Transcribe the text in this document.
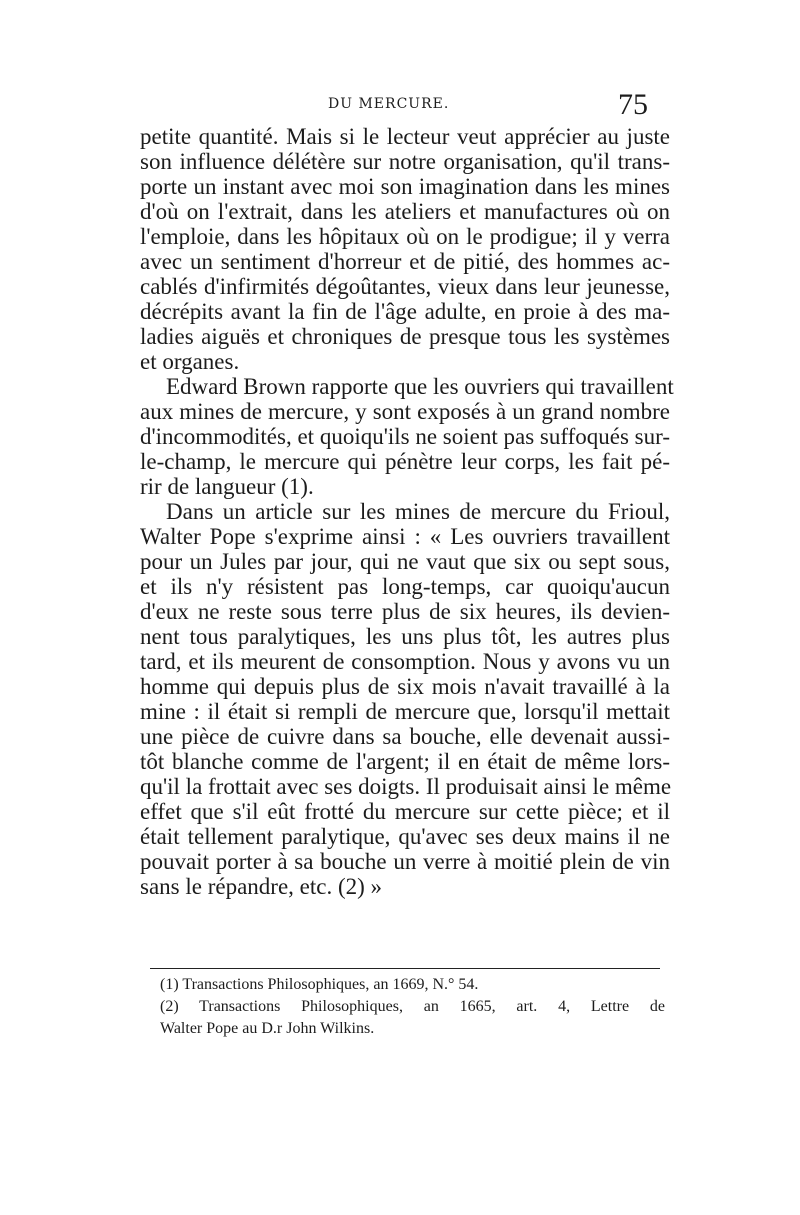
DU MERCURE.	75
petite quantité. Mais si le lecteur veut apprécier au juste
son influence délétère sur notre organisation, qu'il trans-
porte un instant avec moi son imagination dans les mines
d'où on l'extrait, dans les ateliers et manufactures où on
l'emploie, dans les hôpitaux où on le prodigue; il y verra
avec un sentiment d'horreur et de pitié, des hommes ac-
cablés d'infirmités dégoûtantes, vieux dans leur jeunesse,
décrépits avant la fin de l'âge adulte, en proie à des ma-
ladies aiguës et chroniques de presque tous les systèmes
et organes.
Edward Brown rapporte que les ouvriers qui travaillent
aux mines de mercure, y sont exposés à un grand nombre
d'incommodités, et quoiqu'ils ne soient pas suffoqués sur-
le-champ, le mercure qui pénètre leur corps, les fait pé-
rir de langueur (1).
Dans un article sur les mines de mercure du Frioul,
Walter Pope s'exprime ainsi : « Les ouvriers travaillent
pour un Jules par jour, qui ne vaut que six ou sept sous,
et ils n'y résistent pas long-temps, car quoiqu'aucun
d'eux ne reste sous terre plus de six heures, ils devien-
nent tous paralytiques, les uns plus tôt, les autres plus
tard, et ils meurent de consomption. Nous y avons vu un
homme qui depuis plus de six mois n'avait travaillé à la
mine : il était si rempli de mercure que, lorsqu'il mettait
une pièce de cuivre dans sa bouche, elle devenait aussi-
tôt blanche comme de l'argent; il en était de même lors-
qu'il la frottait avec ses doigts. Il produisait ainsi le même
effet que s'il eût frotté du mercure sur cette pièce; et il
était tellement paralytique, qu'avec ses deux mains il ne
pouvait porter à sa bouche un verre à moitié plein de vin
sans le répandre, etc. (2) »
(1) Transactions Philosophiques, an 1669, N.° 54.
(2) Transactions Philosophiques, an 1665, art. 4, Lettre de
Walter Pope au D.r John Wilkins.
